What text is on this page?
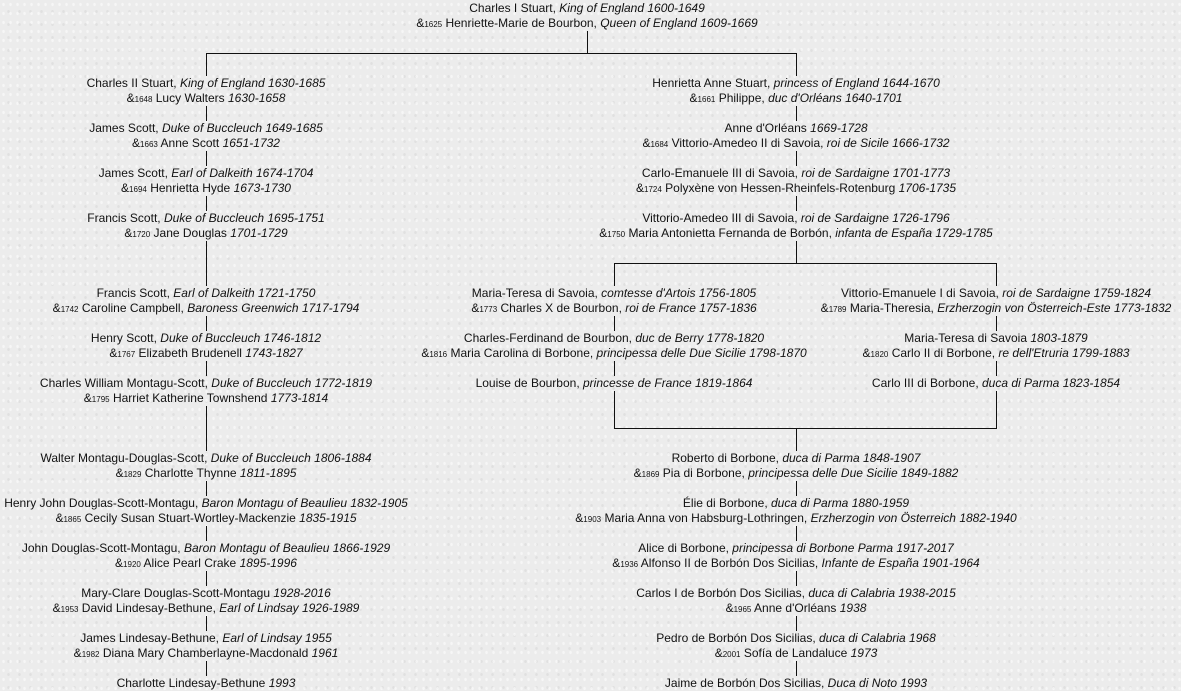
Charles I Stuart, King of England 1600-1649
&1625 Henriette-Marie de Bourbon, Queen of England 1609-1669
Charles II Stuart, King of England 1630-1685
&1648 Lucy Walters 1630-1658
James Scott, Duke of Buccleuch 1649-1685
&1663 Anne Scott 1651-1732
James Scott, Earl of Dalkeith 1674-1704
&1694 Henrietta Hyde 1673-1730
Francis Scott, Duke of Buccleuch 1695-1751
&1720 Jane Douglas 1701-1729
Francis Scott, Earl of Dalkeith 1721-1750
&1742 Caroline Campbell, Baroness Greenwich 1717-1794
Henry Scott, Duke of Buccleuch 1746-1812
&1767 Elizabeth Brudenell 1743-1827
Charles William Montagu-Scott, Duke of Buccleuch 1772-1819
&1795 Harriet Katherine Townshend 1773-1814
Walter Montagu-Douglas-Scott, Duke of Buccleuch 1806-1884
&1829 Charlotte Thynne 1811-1895
Henry John Douglas-Scott-Montagu, Baron Montagu of Beaulieu 1832-1905
&1865 Cecily Susan Stuart-Wortley-Mackenzie 1835-1915
John Douglas-Scott-Montagu, Baron Montagu of Beaulieu 1866-1929
&1920 Alice Pearl Crake 1895-1996
Mary-Clare Douglas-Scott-Montagu 1928-2016
&1953 David Lindesay-Bethune, Earl of Lindsay 1926-1989
James Lindesay-Bethune, Earl of Lindsay 1955
&1982 Diana Mary Chamberlayne-Macdonald 1961
Charlotte Lindesay-Bethune 1993
Henrietta Anne Stuart, princess of England 1644-1670
&1661 Philippe, duc d'Orléans 1640-1701
Anne d'Orléans 1669-1728
&1684 Vittorio-Amedeo II di Savoia, roi de Sicile 1666-1732
Carlo-Emanuele III di Savoia, roi de Sardaigne 1701-1773
&1724 Polyxène von Hessen-Rheinfels-Rotenburg 1706-1735
Vittorio-Amedeo III di Savoia, roi de Sardaigne 1726-1796
&1750 Maria Antonietta Fernanda de Borbón, infanta de España 1729-1785
Maria-Teresa di Savoia, comtesse d'Artois 1756-1805
&1773 Charles X de Bourbon, roi de France 1757-1836
Charles-Ferdinand de Bourbon, duc de Berry 1778-1820
&1816 Maria Carolina di Borbone, principessa delle Due Sicilie 1798-1870
Louise de Bourbon, princesse de France 1819-1864
Vittorio-Emanuele I di Savoia, roi de Sardaigne 1759-1824
&1789 Maria-Theresia, Erzherzogin von Österreich-Este 1773-1832
Maria-Teresa di Savoia 1803-1879
&1820 Carlo II di Borbone, re dell'Etruria 1799-1883
Carlo III di Borbone, duca di Parma 1823-1854
Roberto di Borbone, duca di Parma 1848-1907
&1869 Pia di Borbone, principessa delle Due Sicilie 1849-1882
Élie di Borbone, duca di Parma 1880-1959
&1903 Maria Anna von Habsburg-Lothringen, Erzherzogin von Österreich 1882-1940
Alice di Borbone, principessa di Borbone Parma 1917-2017
&1936 Alfonso II de Borbón Dos Sicilias, Infante de España 1901-1964
Carlos I de Borbón Dos Sicilias, duca di Calabria 1938-2015
&1965 Anne d'Orléans 1938
Pedro de Borbón Dos Sicilias, duca di Calabria 1968
&2001 Sofía de Landaluce 1973
Jaime de Borbón Dos Sicilias, Duca di Noto 1993
